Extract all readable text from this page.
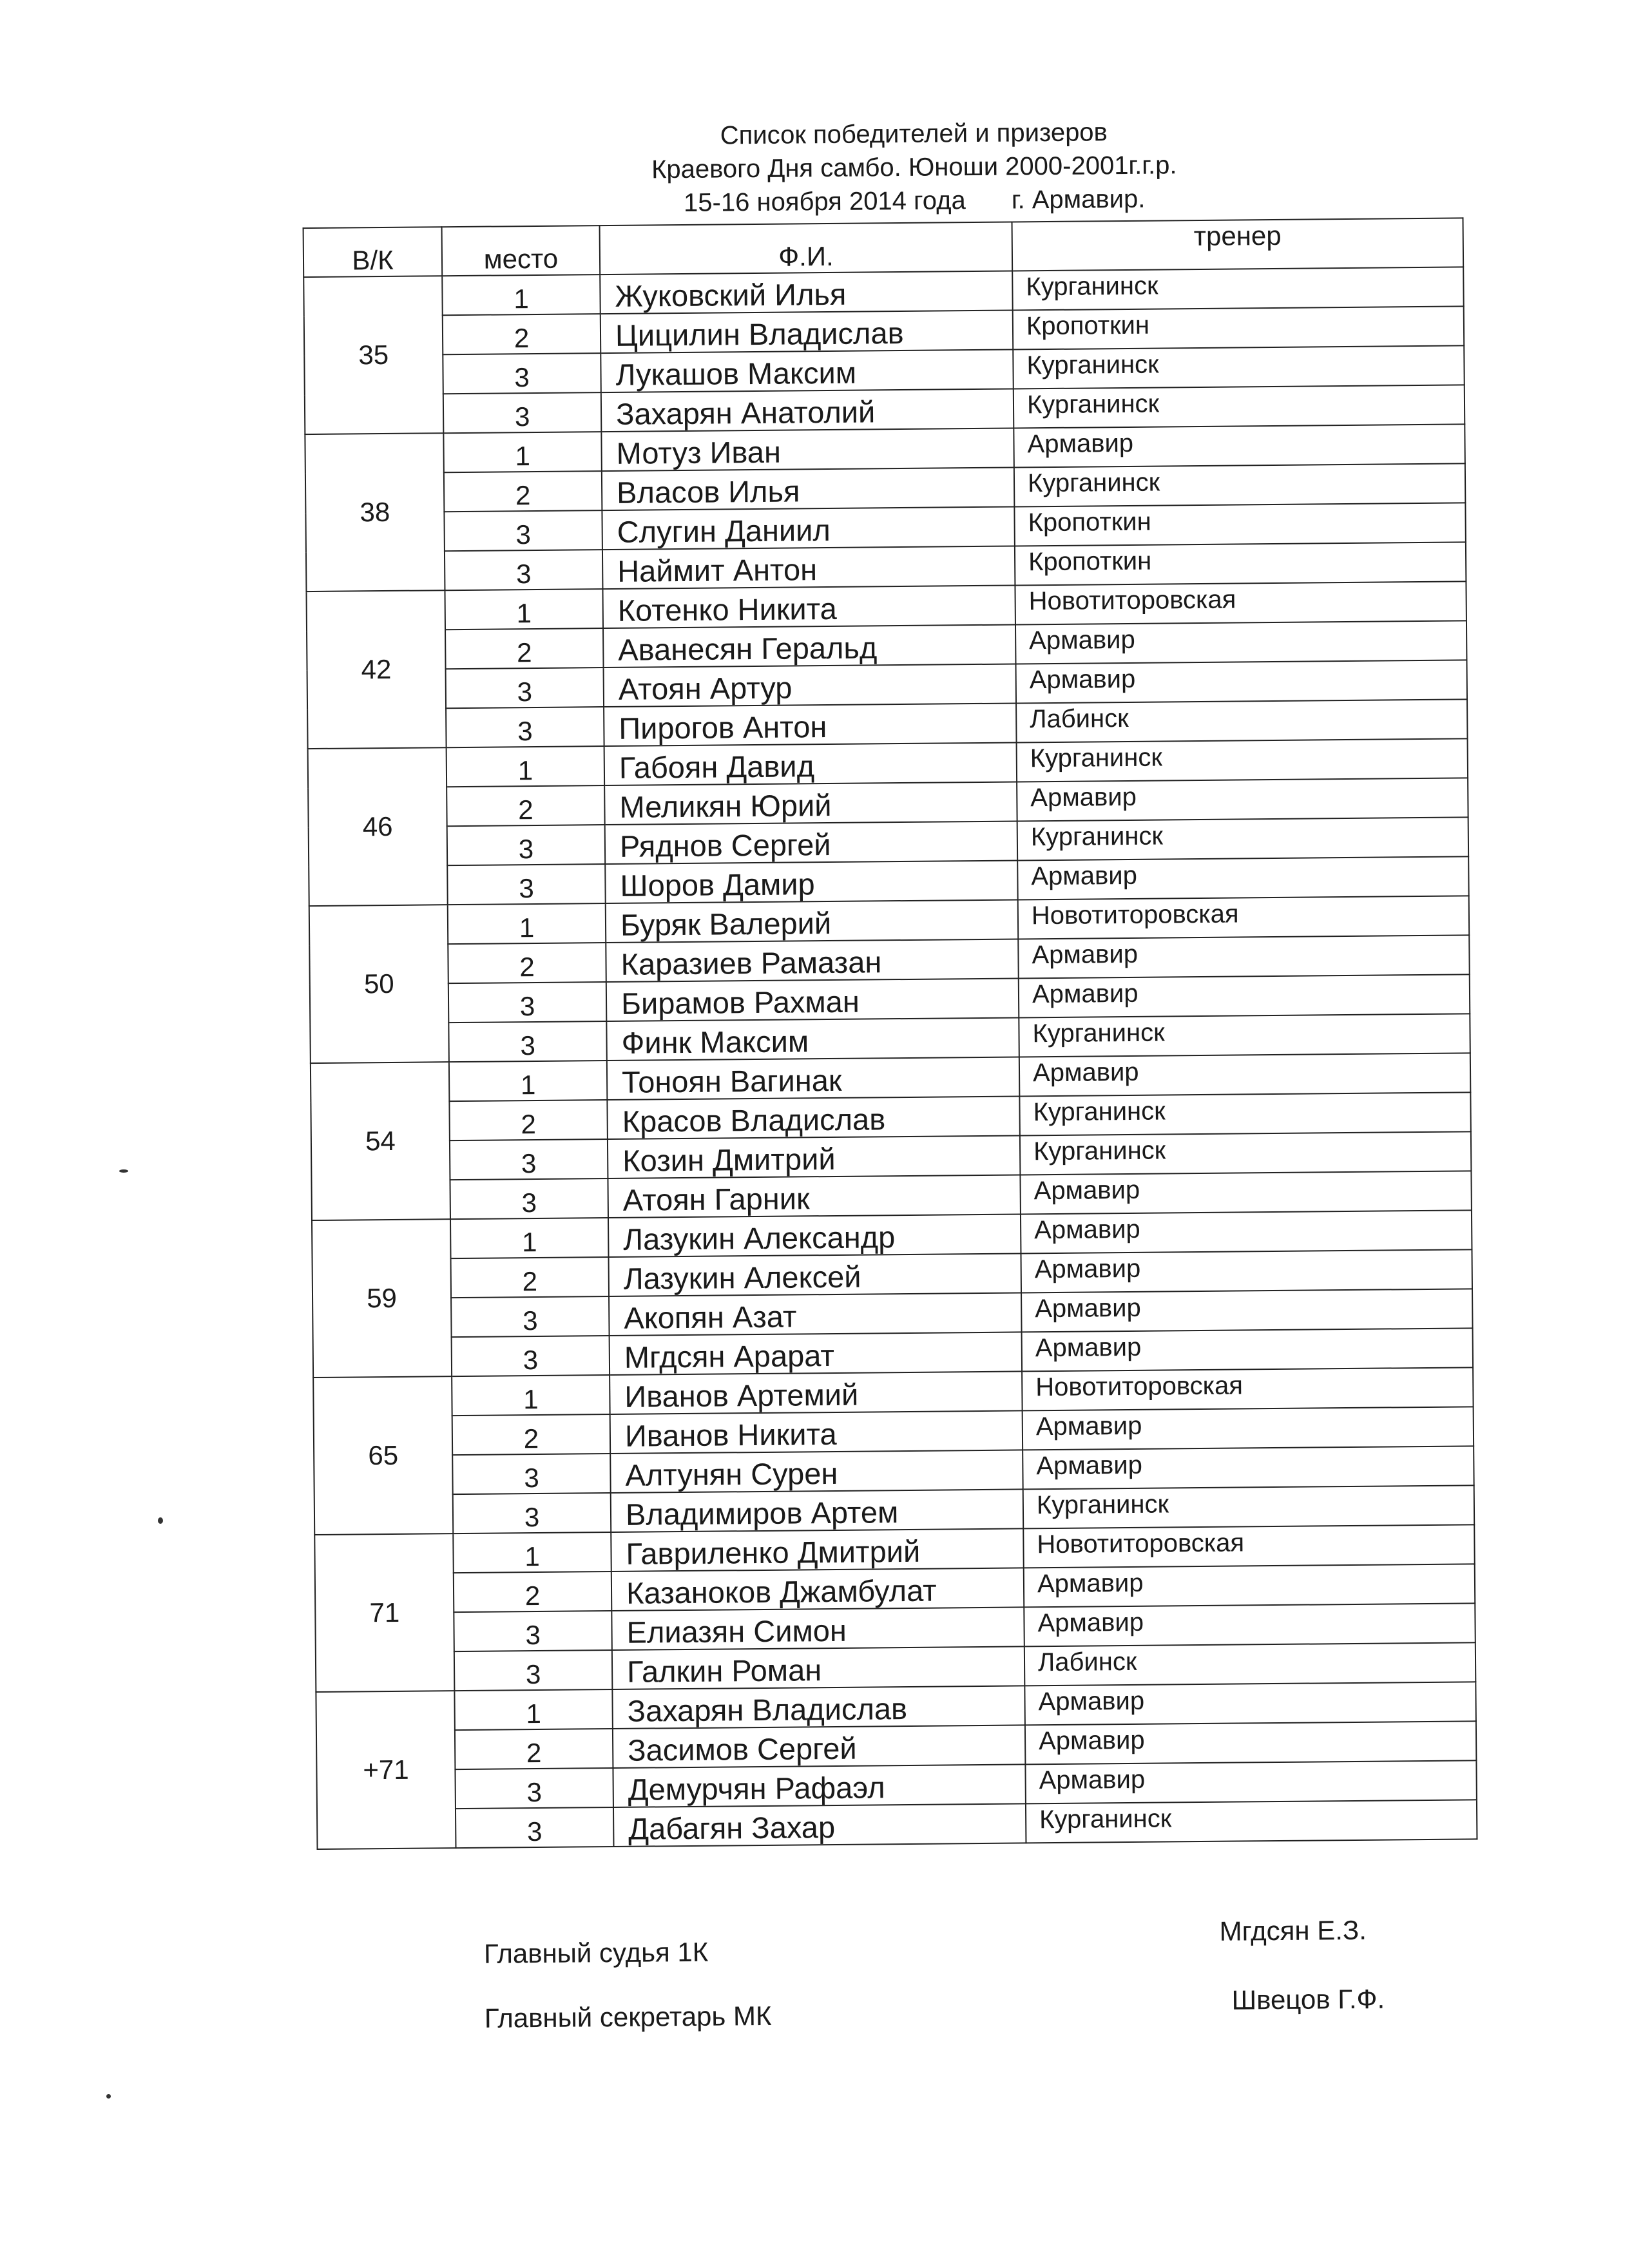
Список победителей и призеров
Краевого Дня самбо. Юноши 2000-2001г.г.р.
15-16 ноября 2014 года г. Армавир.
В/К	место	Ф.И.	тренер
35	1	Жуковский Илья	Курганинск
	2	Цицилин Владислав	Кропоткин
	3	Лукашов Максим	Курганинск
	3	Захарян Анатолий	Курганинск
38	1	Мотуз Иван	Армавир
	2	Власов Илья	Курганинск
	3	Слугин Даниил	Кропоткин
	3	Наймит Антон	Кропоткин
42	1	Котенко Никита	Новотиторовская
	2	Аванесян Геральд	Армавир
	3	Атоян Артур	Армавир
	3	Пирогов Антон	Лабинск
46	1	Габоян Давид	Курганинск
	2	Меликян Юрий	Армавир
	3	Ряднов Сергей	Курганинск
	3	Шоров Дамир	Армавир
50	1	Буряк Валерий	Новотиторовская
	2	Каразиев Рамазан	Армавир
	3	Бирамов Рахман	Армавир
	3	Финк Максим	Курганинск
54	1	Тоноян Вагинак	Армавир
	2	Красов Владислав	Курганинск
	3	Козин Дмитрий	Курганинск
	3	Атоян Гарник	Армавир
59	1	Лазукин Александр	Армавир
	2	Лазукин Алексей	Армавир
	3	Акопян Азат	Армавир
	3	Мгдсян Арарат	Армавир
65	1	Иванов Артемий	Новотиторовская
	2	Иванов Никита	Армавир
	3	Алтунян Сурен	Армавир
	3	Владимиров Артем	Курганинск
71	1	Гавриленко Дмитрий	Новотиторовская
	2	Казаноков Джамбулат	Армавир
	3	Елиазян Симон	Армавир
	3	Галкин Роман	Лабинск
+71	1	Захарян Владислав	Армавир
	2	Засимов Сергей	Армавир
	3	Демурчян Рафаэл	Армавир
	3	Дабагян Захар	Курганинск
Главный судья 1К
Мгдсян Е.З.
Главный секретарь МК
Швецов Г.Ф.
